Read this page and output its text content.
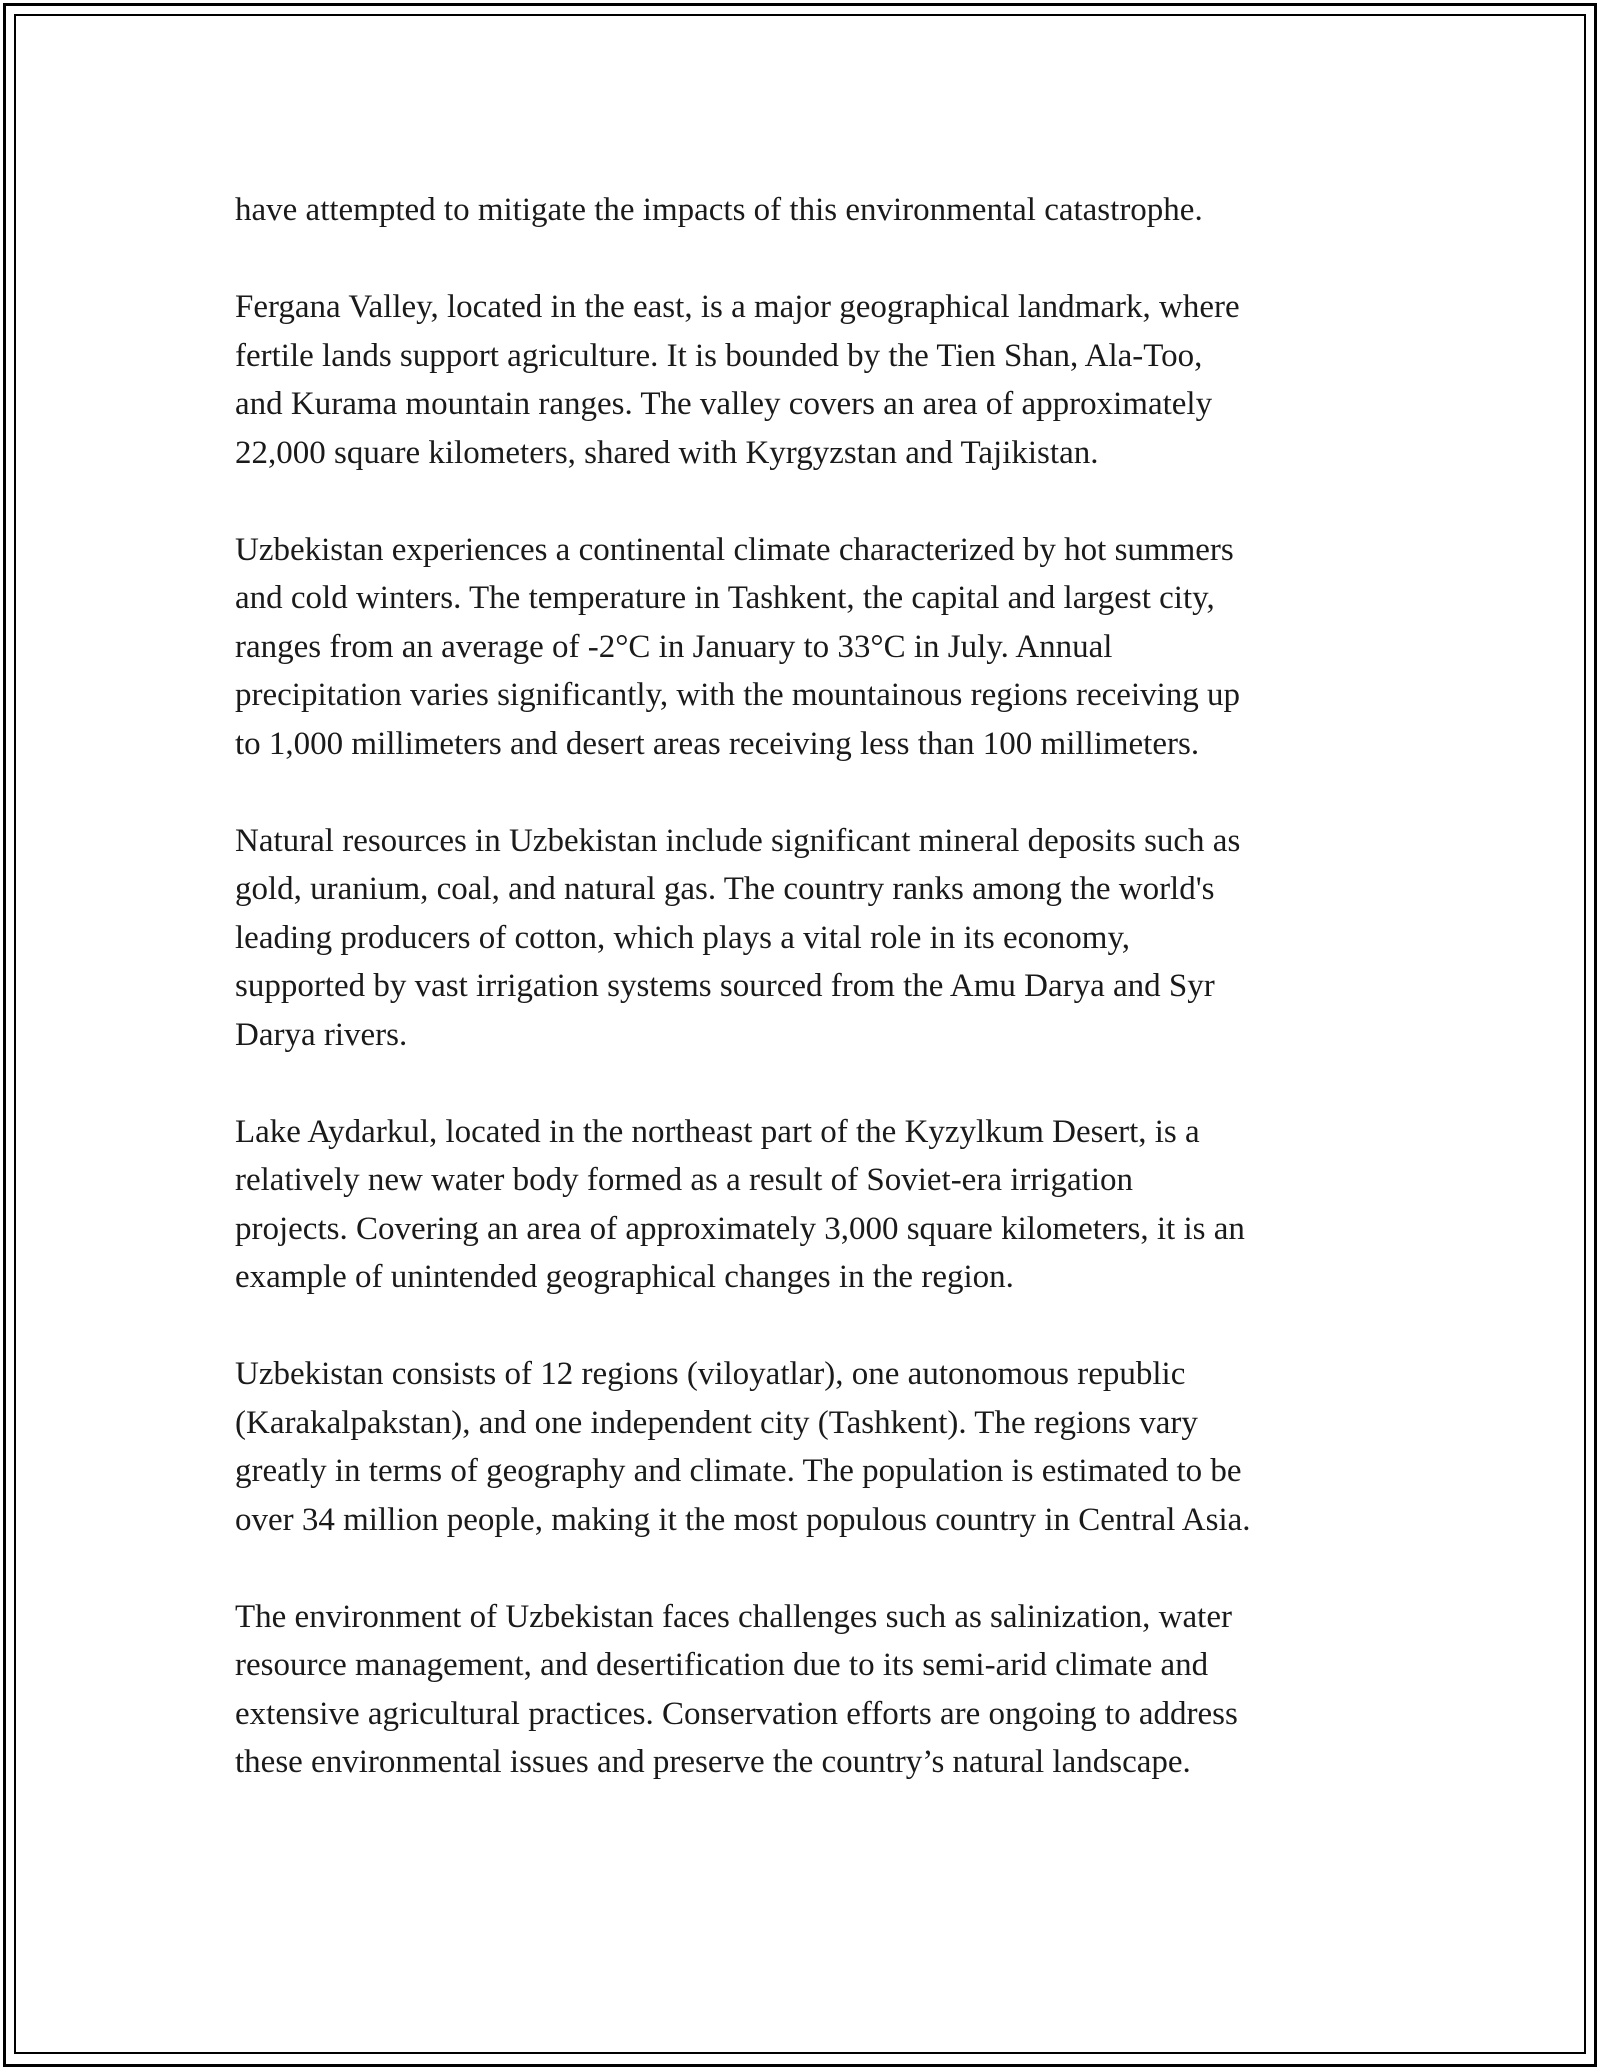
have attempted to mitigate the impacts of this environmental catastrophe.

Fergana Valley, located in the east, is a major geographical landmark, where
fertile lands support agriculture. It is bounded by the Tien Shan, Ala-Too,
and Kurama mountain ranges. The valley covers an area of approximately
22,000 square kilometers, shared with Kyrgyzstan and Tajikistan.

Uzbekistan experiences a continental climate characterized by hot summers
and cold winters. The temperature in Tashkent, the capital and largest city,
ranges from an average of -2°C in January to 33°C in July. Annual
precipitation varies significantly, with the mountainous regions receiving up
to 1,000 millimeters and desert areas receiving less than 100 millimeters.

Natural resources in Uzbekistan include significant mineral deposits such as
gold, uranium, coal, and natural gas. The country ranks among the world's
leading producers of cotton, which plays a vital role in its economy,
supported by vast irrigation systems sourced from the Amu Darya and Syr
Darya rivers.

Lake Aydarkul, located in the northeast part of the Kyzylkum Desert, is a
relatively new water body formed as a result of Soviet-era irrigation
projects. Covering an area of approximately 3,000 square kilometers, it is an
example of unintended geographical changes in the region.

Uzbekistan consists of 12 regions (viloyatlar), one autonomous republic
(Karakalpakstan), and one independent city (Tashkent). The regions vary
greatly in terms of geography and climate. The population is estimated to be
over 34 million people, making it the most populous country in Central Asia.

The environment of Uzbekistan faces challenges such as salinization, water
resource management, and desertification due to its semi-arid climate and
extensive agricultural practices. Conservation efforts are ongoing to address
these environmental issues and preserve the country’s natural landscape.
